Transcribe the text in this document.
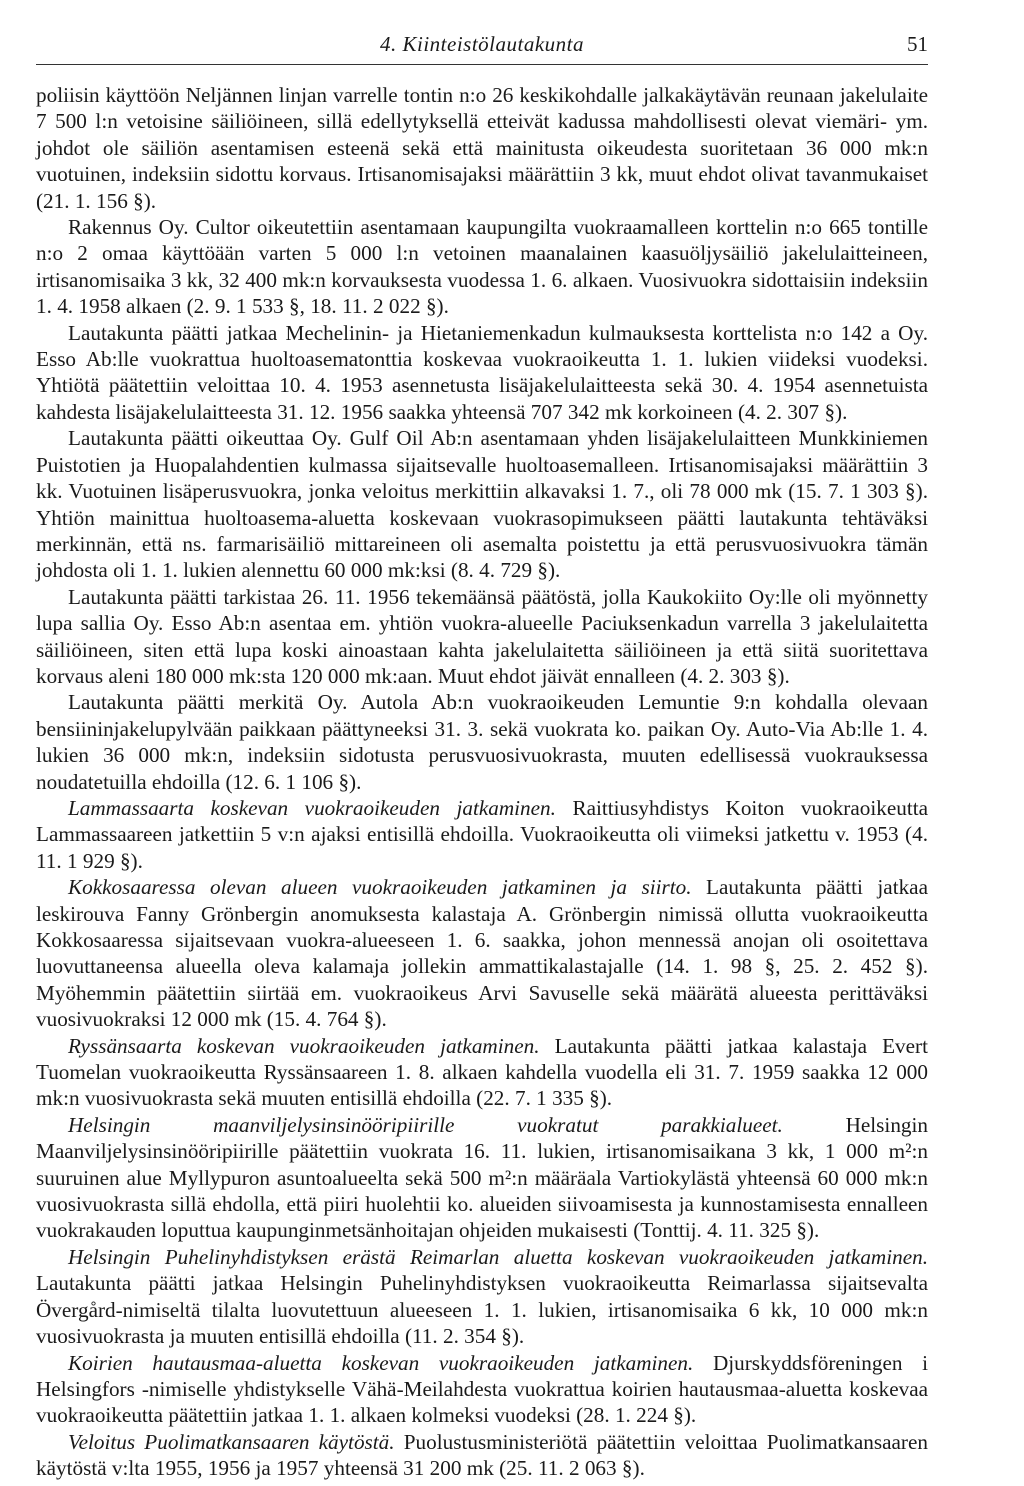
4. Kiinteistölautakunta	51

poliisin käyttöön Neljännen linjan varrelle tontin n:o 26 keskikohdalle jalkakäytävän reunaan jakelulaite 7 500 l:n vetoisine säiliöineen, sillä edellytyksellä etteivät kadussa mahdollisesti olevat viemäri- ym. johdot ole säiliön asentamisen esteenä sekä että mainitusta oikeudesta suoritetaan 36 000 mk:n vuotuinen, indeksiin sidottu korvaus. Irtisanomisajaksi määrättiin 3 kk, muut ehdot olivat tavanmukaiset (21. 1. 156 §).

Rakennus Oy. Cultor oikeutettiin asentamaan kaupungilta vuokraamalleen korttelin n:o 665 tontille n:o 2 omaa käyttöään varten 5 000 l:n vetoinen maanalainen kaasuöljysäiliö jakelulaitteineen, irtisanomisaika 3 kk, 32 400 mk:n korvauksesta vuodessa 1. 6. alkaen. Vuosivuokra sidottaisiin indeksiin 1. 4. 1958 alkaen (2. 9. 1 533 §, 18. 11. 2 022 §).

Lautakunta päätti jatkaa Mechelinin- ja Hietaniemenkadun kulmauksesta korttelista n:o 142 a Oy. Esso Ab:lle vuokrattua huoltoasematonttia koskevaa vuokraoikeutta 1. 1. lukien viideksi vuodeksi. Yhtiötä päätettiin veloittaa 10. 4. 1953 asennetusta lisäjakelulaitteesta sekä 30. 4. 1954 asennetuista kahdesta lisäjakelulaitteesta 31. 12. 1956 saakka yhteensä 707 342 mk korkoineen (4. 2. 307 §).

Lautakunta päätti oikeuttaa Oy. Gulf Oil Ab:n asentamaan yhden lisäjakelulaitteen Munkkiniemen Puistotien ja Huopalahdentien kulmassa sijaitsevalle huoltoasemalleen. Irtisanomisajaksi määrättiin 3 kk. Vuotuinen lisäperusvuokra, jonka veloitus merkittiin alkavaksi 1. 7., oli 78 000 mk (15. 7. 1 303 §). Yhtiön mainittua huoltoasema-aluetta koskevaan vuokrasopimukseen päätti lautakunta tehtäväksi merkinnän, että ns. farmarisäiliö mittareineen oli asemalta poistettu ja että perusvuosivuokra tämän johdosta oli 1. 1. lukien alennettu 60 000 mk:ksi (8. 4. 729 §).

Lautakunta päätti tarkistaa 26. 11. 1956 tekemäänsä päätöstä, jolla Kaukokiito Oy:lle oli myönnetty lupa sallia Oy. Esso Ab:n asentaa em. yhtiön vuokra-alueelle Paciuksenkadun varrella 3 jakelulaitetta säiliöineen, siten että lupa koski ainoastaan kahta jakelulaitetta säiliöineen ja että siitä suoritettava korvaus aleni 180 000 mk:sta 120 000 mk:aan. Muut ehdot jäivät ennalleen (4. 2. 303 §).

Lautakunta päätti merkitä Oy. Autola Ab:n vuokraoikeuden Lemuntie 9:n kohdalla olevaan bensiininjakelupylvään paikkaan päättyneeksi 31. 3. sekä vuokrata ko. paikan Oy. Auto-Via Ab:lle 1. 4. lukien 36 000 mk:n, indeksiin sidotusta perusvuosivuokrasta, muuten edellisessä vuokrauksessa noudatetuilla ehdoilla (12. 6. 1 106 §).

Lammassaarta koskevan vuokraoikeuden jatkaminen. Raittiusyhdistys Koiton vuokraoikeutta Lammassaareen jatkettiin 5 v:n ajaksi entisillä ehdoilla. Vuokraoikeutta oli viimeksi jatkettu v. 1953 (4. 11. 1 929 §).

Kokkosaaressa olevan alueen vuokraoikeuden jatkaminen ja siirto. Lautakunta päätti jatkaa leskirouva Fanny Grönbergin anomuksesta kalastaja A. Grönbergin nimissä ollutta vuokraoikeutta Kokkosaaressa sijaitsevaan vuokra-alueeseen 1. 6. saakka, johon mennessä anojan oli osoitettava luovuttaneensa alueella oleva kalamaja jollekin ammattikalastajalle (14. 1. 98 §, 25. 2. 452 §). Myöhemmin päätettiin siirtää em. vuokraoikeus Arvi Savuselle sekä määrätä alueesta perittäväksi vuosivuokraksi 12 000 mk (15. 4. 764 §).

Ryssänsaarta koskevan vuokraoikeuden jatkaminen. Lautakunta päätti jatkaa kalastaja Evert Tuomelan vuokraoikeutta Ryssänsaareen 1. 8. alkaen kahdella vuodella eli 31. 7. 1959 saakka 12 000 mk:n vuosivuokrasta sekä muuten entisillä ehdoilla (22. 7. 1 335 §).

Helsingin maanviljelysinsinööripiirille vuokratut parakkialueet. Helsingin Maanviljelysinsinööripiirille päätettiin vuokrata 16. 11. lukien, irtisanomisaikana 3 kk, 1 000 m²:n suuruinen alue Myllypuron asuntoalueelta sekä 500 m²:n määräala Vartiokylästä yhteensä 60 000 mk:n vuosivuokrasta sillä ehdolla, että piiri huolehtii ko. alueiden siivoamisesta ja kunnostamisesta ennalleen vuokrakauden loputtua kaupunginmetsänhoitajan ohjeiden mukaisesti (Tonttij. 4. 11. 325 §).

Helsingin Puhelinyhdistyksen erästä Reimarlan aluetta koskevan vuokraoikeuden jatkaminen. Lautakunta päätti jatkaa Helsingin Puhelinyhdistyksen vuokraoikeutta Reimarlassa sijaitsevalta Övergård-nimiseltä tilalta luovutettuun alueeseen 1. 1. lukien, irtisanomisaika 6 kk, 10 000 mk:n vuosivuokrasta ja muuten entisillä ehdoilla (11. 2. 354 §).

Koirien hautausmaa-aluetta koskevan vuokraoikeuden jatkaminen. Djurskyddsföreningen i Helsingfors -nimiselle yhdistykselle Vähä-Meilahdesta vuokrattua koirien hautausmaa-aluetta koskevaa vuokraoikeutta päätettiin jatkaa 1. 1. alkaen kolmeksi vuodeksi (28. 1. 224 §).

Veloitus Puolimatkansaaren käytöstä. Puolustusministeriötä päätettiin veloittaa Puolimatkansaaren käytöstä v:lta 1955, 1956 ja 1957 yhteensä 31 200 mk (25. 11. 2 063 §).
